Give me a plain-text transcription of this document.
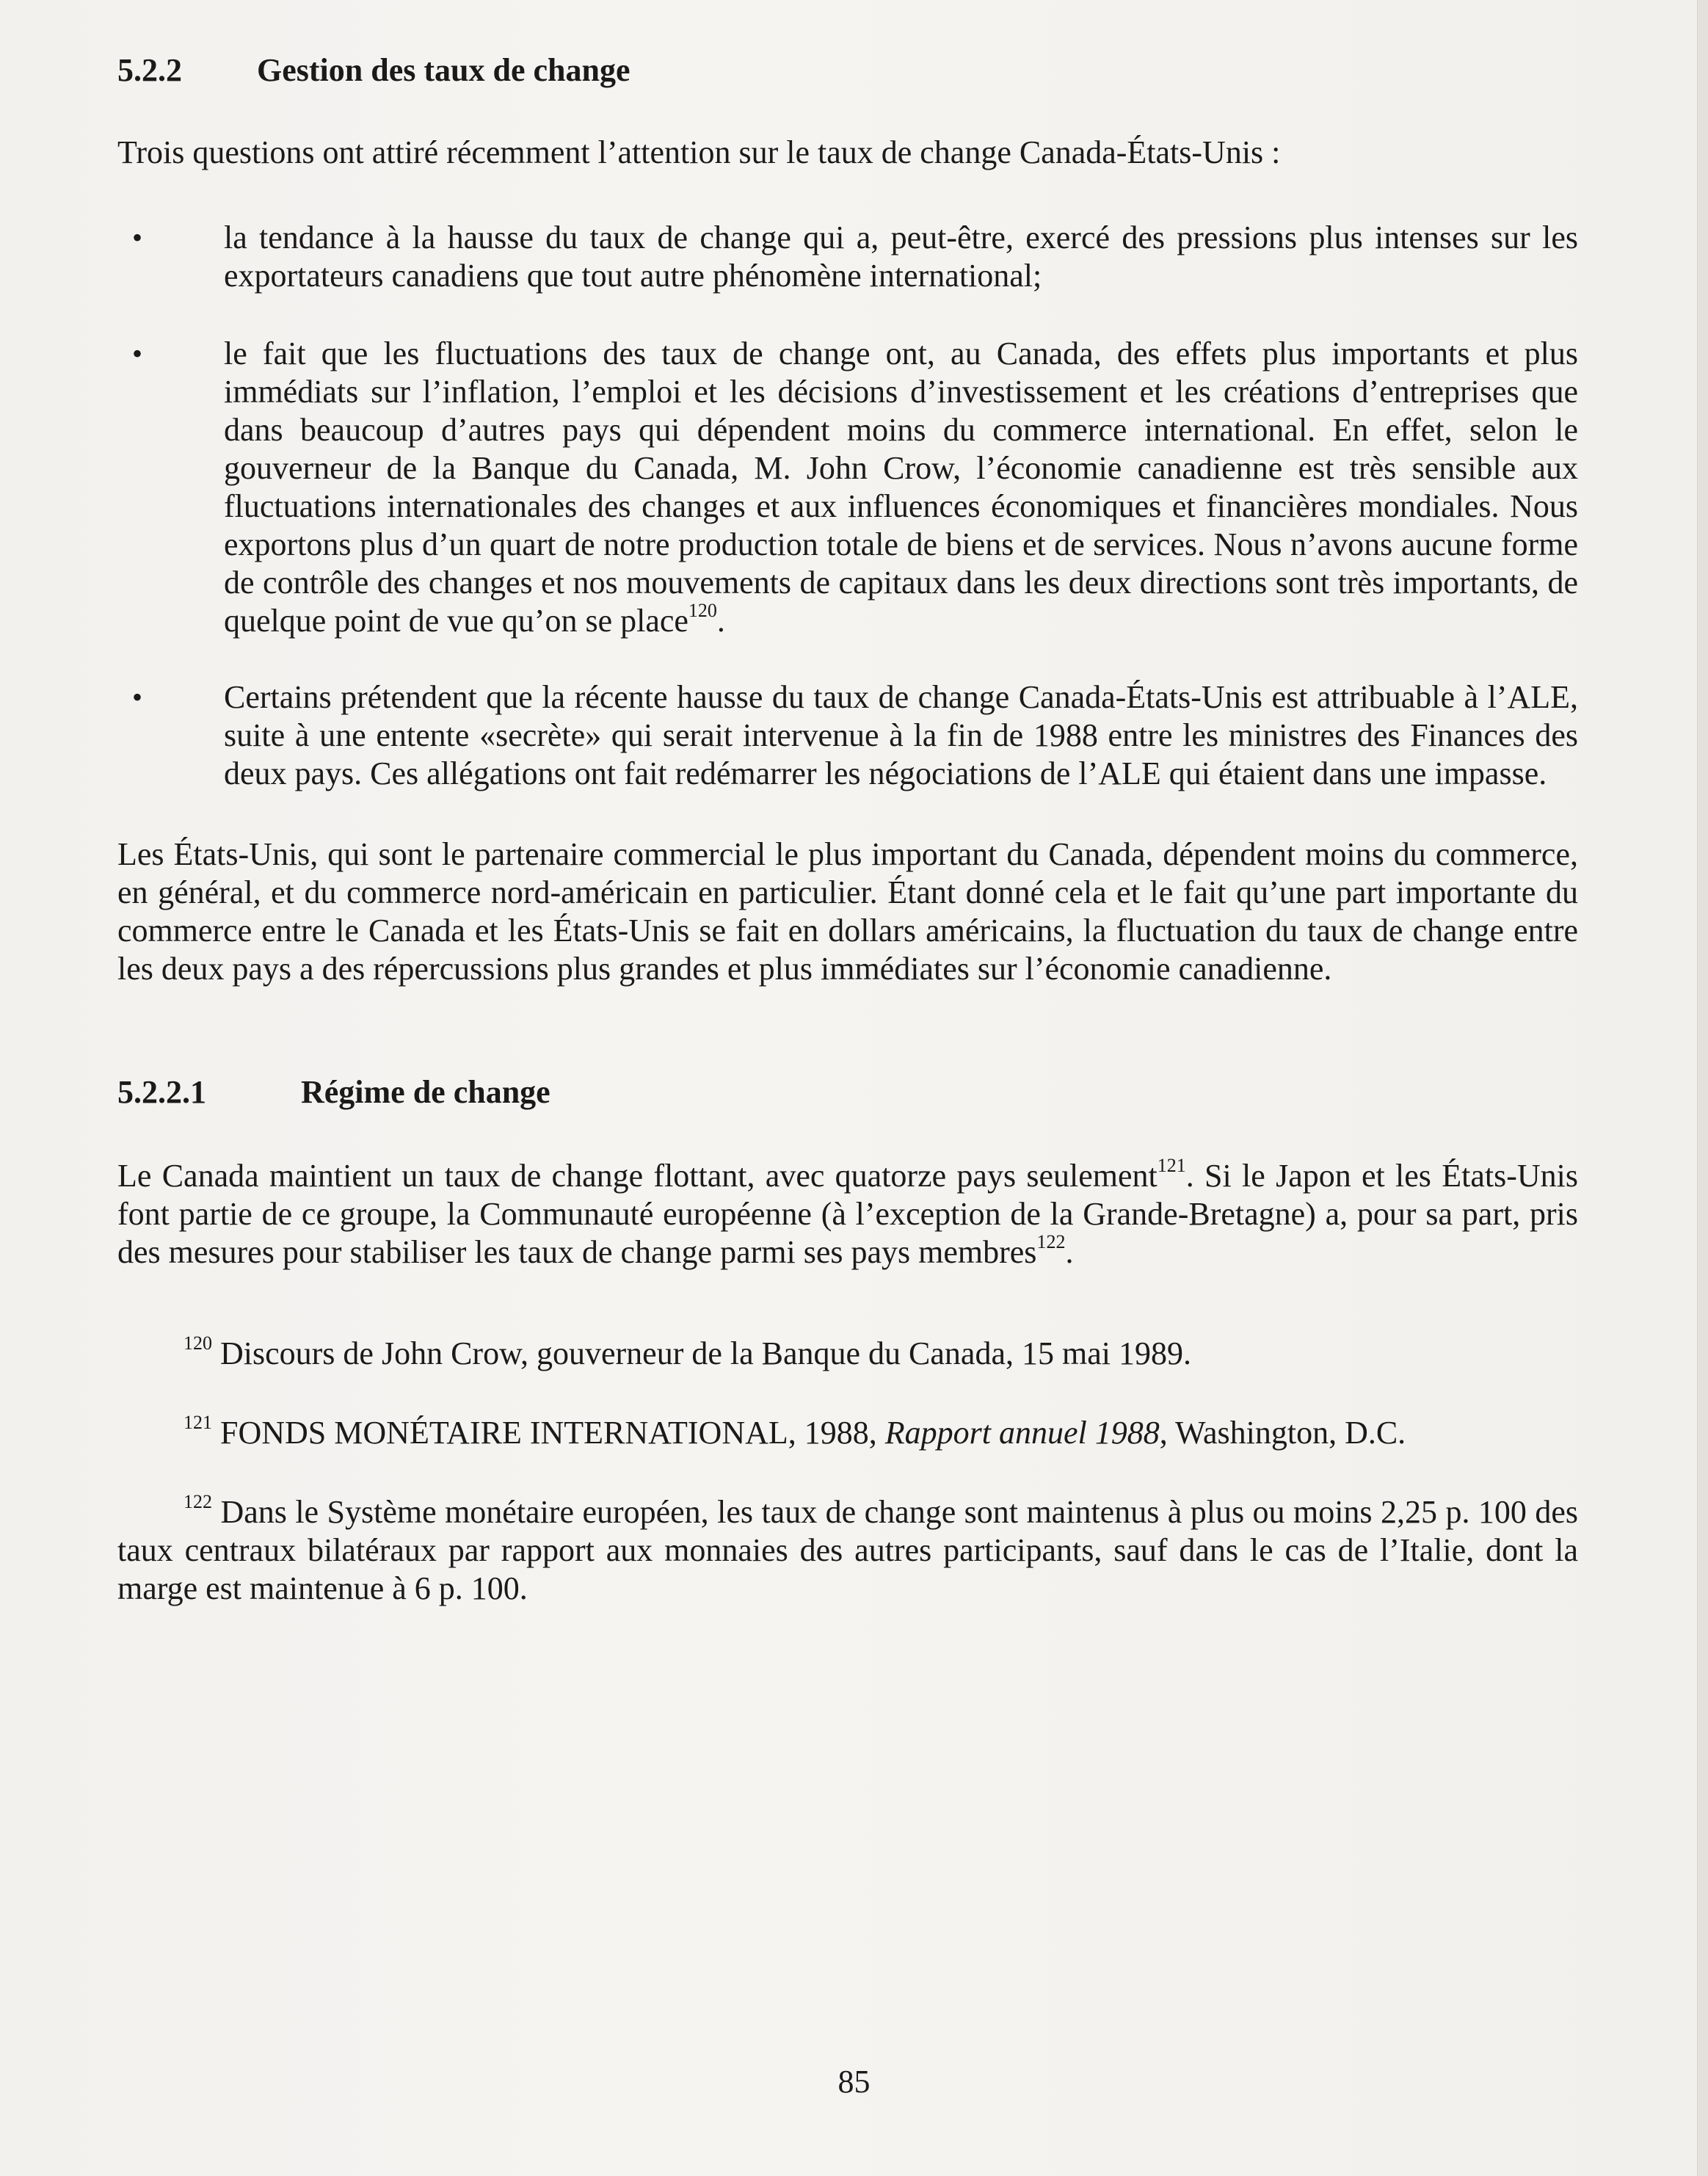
5.2.2	Gestion des taux de change

Trois questions ont attiré récemment l’attention sur le taux de change Canada-États-Unis :

•	la tendance à la hausse du taux de change qui a, peut-être, exercé des pressions plus intenses sur les exportateurs canadiens que tout autre phénomène international;
•	le fait que les fluctuations des taux de change ont, au Canada, des effets plus importants et plus immédiats sur l’inflation, l’emploi et les décisions d’investissement et les créations d’entreprises que dans beaucoup d’autres pays qui dépendent moins du commerce international. En effet, selon le gouverneur de la Banque du Canada, M. John Crow, l’économie canadienne est très sensible aux fluctuations internationales des changes et aux influences économiques et financières mondiales. Nous exportons plus d’un quart de notre production totale de biens et de services. Nous n’avons aucune forme de contrôle des changes et nos mouvements de capitaux dans les deux directions sont très importants, de quelque point de vue qu’on se place$^{120}$.
•	Certains prétendent que la récente hausse du taux de change Canada-États-Unis est attribuable à l’ALE, suite à une entente «secrète» qui serait intervenue à la fin de 1988 entre les ministres des Finances des deux pays. Ces allégations ont fait redémarrer les négociations de l’ALE qui étaient dans une impasse.

Les États-Unis, qui sont le partenaire commercial le plus important du Canada, dépendent moins du commerce, en général, et du commerce nord-américain en particulier. Étant donné cela et le fait qu’une part importante du commerce entre le Canada et les États-Unis se fait en dollars américains, la fluctuation du taux de change entre les deux pays a des répercussions plus grandes et plus immédiates sur l’économie canadienne.

5.2.2.1	Régime de change

Le Canada maintient un taux de change flottant, avec quatorze pays seulement$^{121}$. Si le Japon et les États-Unis font partie de ce groupe, la Communauté européenne (à l’exception de la Grande-Bretagne) a, pour sa part, pris des mesures pour stabiliser les taux de change parmi ses pays membres$^{122}$.

$^{120}$ Discours de John Crow, gouverneur de la Banque du Canada, 15 mai 1989.

$^{121}$ FONDS MONÉTAIRE INTERNATIONAL, 1988, Rapport annuel 1988, Washington, D.C.

$^{122}$ Dans le Système monétaire européen, les taux de change sont maintenus à plus ou moins 2,25 p. 100 des taux centraux bilatéraux par rapport aux monnaies des autres participants, sauf dans le cas de l’Italie, dont la marge est maintenue à 6 p. 100.

85
